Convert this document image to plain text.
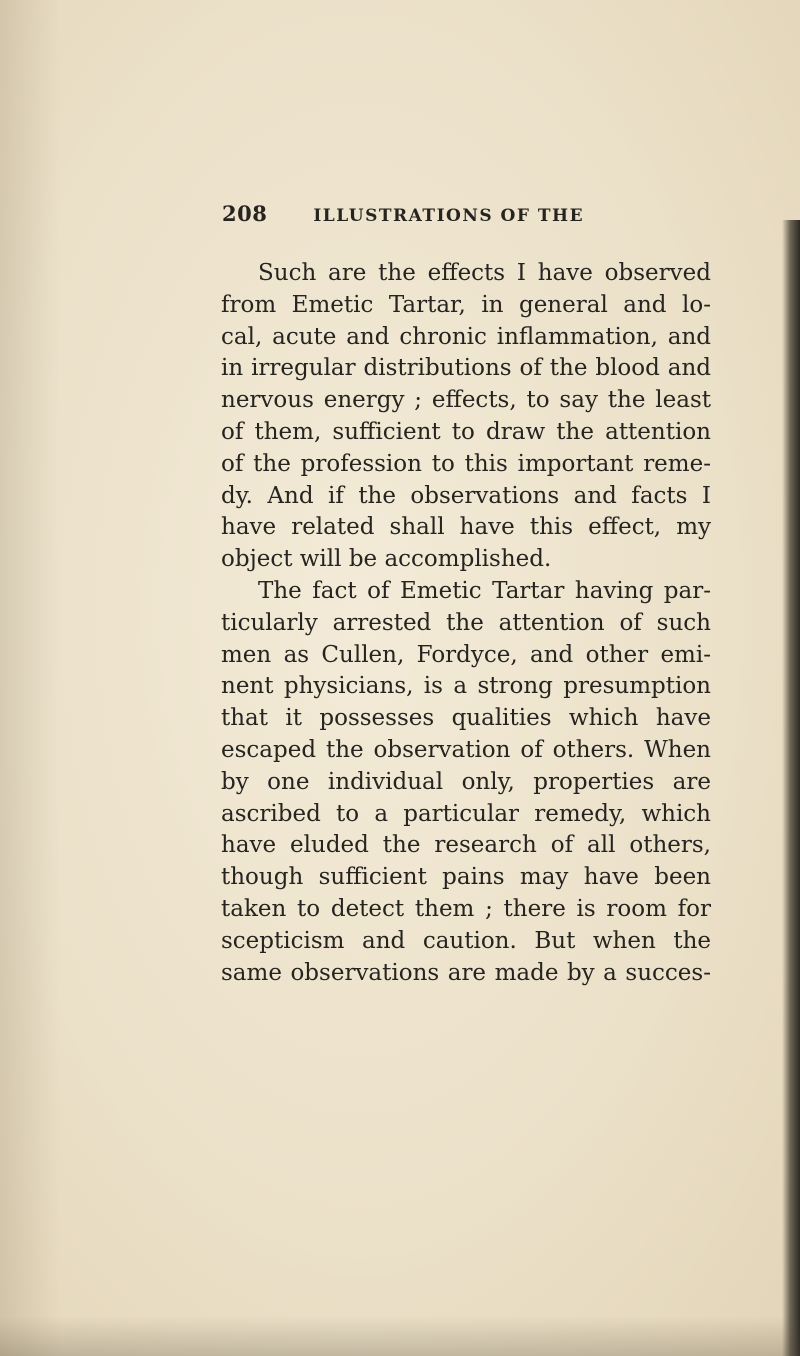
208	ILLUSTRATIONS OF THE
Such are the effects I have observed
from Emetic Tartar, in general and lo-
cal, acute and chronic inflammation, and
in irregular distributions of the blood and
nervous energy ; effects, to say the least
of them, sufficient to draw the attention
of the profession to this important reme-
dy. And if the observations and facts I
have related shall have this effect, my
object will be accomplished.
The fact of Emetic Tartar having par-
ticularly arrested the attention of such
men as Cullen, Fordyce, and other emi-
nent physicians, is a strong presumption
that it possesses qualities which have
escaped the observation of others. When
by one individual only, properties are
ascribed to a particular remedy, which
have eluded the research of all others,
though sufficient pains may have been
taken to detect them ; there is room for
scepticism and caution. But when the
same observations are made by a succes-
